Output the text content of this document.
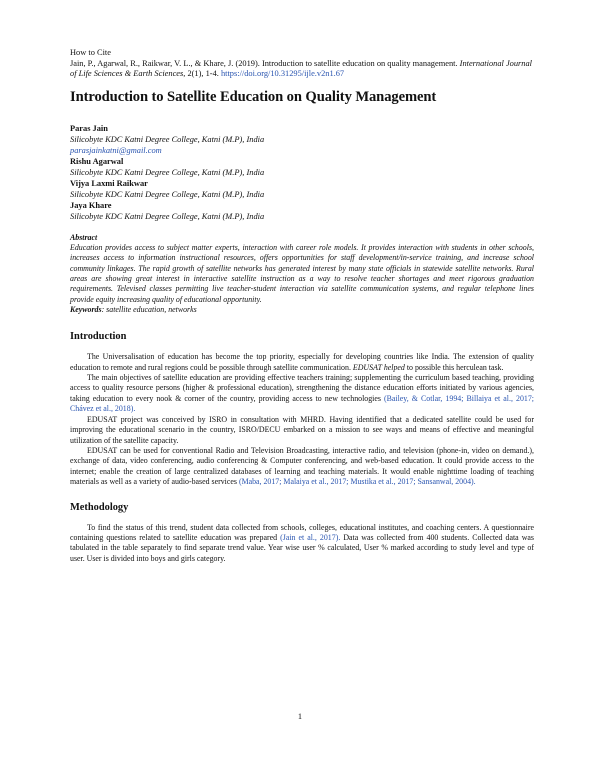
How to Cite

Jain, P., Agarwal, R., Raikwar, V. L., & Khare, J. (2019). Introduction to satellite education on quality management. International Journal of Life Sciences & Earth Sciences, 2(1), 1-4. https://doi.org/10.31295/ijle.v2n1.67

Introduction to Satellite Education on Quality Management
Paras Jain
Silicobyte KDC Katni Degree College, Katni (M.P), India
parasjainkatni@gmail.com
Rishu Agarwal
Silicobyte KDC Katni Degree College, Katni (M.P), India
Vijya Laxmi Raikwar
Silicobyte KDC Katni Degree College, Katni (M.P), India
Jaya Khare
Silicobyte KDC Katni Degree College, Katni (M.P), India
Abstract

Education provides access to subject matter experts, interaction with career role models. It provides interaction with students in other schools, increases access to information instructional resources, offers opportunities for staff development/in-service training, and increase school community linkages. The rapid growth of satellite networks has generated interest by many state officials in statewide satellite networks. Rural areas are showing great interest in interactive satellite instruction as a way to resolve teacher shortages and meet rigorous graduation requirements. Televised classes permitting live teacher-student interaction via satellite communication systems, and regular telephone lines provide equity increasing quality of educational opportunity.

Keywords: satellite education, networks
Introduction

The Universalisation of education has become the top priority, especially for developing countries like India. The extension of quality education to remote and rural regions could be possible through satellite communication. EDUSAT helped to possible this herculean task.

The main objectives of satellite education are providing effective teachers training; supplementing the curriculum based teaching, providing access to quality resource persons (higher & professional education), strengthening the distance education efforts initiated by various agencies, taking education to every nook & corner of the country, providing access to new technologies (Bailey, & Cotlar, 1994; Billaiya et al., 2017; Chávez et al., 2018).

EDUSAT project was conceived by ISRO in consultation with MHRD. Having identified that a dedicated satellite could be used for improving the educational scenario in the country, ISRO/DECU embarked on a mission to see ways and means of effective and meaningful utilization of the satellite capacity.

EDUSAT can be used for conventional Radio and Television Broadcasting, interactive radio, and television (phone-in, video on demand.), exchange of data, video conferencing, audio conferencing & Computer conferencing, and web-based education. It could provide access to the internet; enable the creation of large centralized databases of learning and teaching materials. It would enable nighttime loading of teaching materials as well as a variety of audio-based services (Maba, 2017; Malaiya et al., 2017; Mustika et al., 2017; Sansanwal, 2004).

Methodology

To find the status of this trend, student data collected from schools, colleges, educational institutes, and coaching centers. A questionnaire containing questions related to satellite education was prepared (Jain et al., 2017). Data was collected from 400 students. Collected data was tabulated in the table separately to find separate trend value. Year wise user % calculated, User % marked according to study level and type of user. User is divided into boys and girls category.

1
